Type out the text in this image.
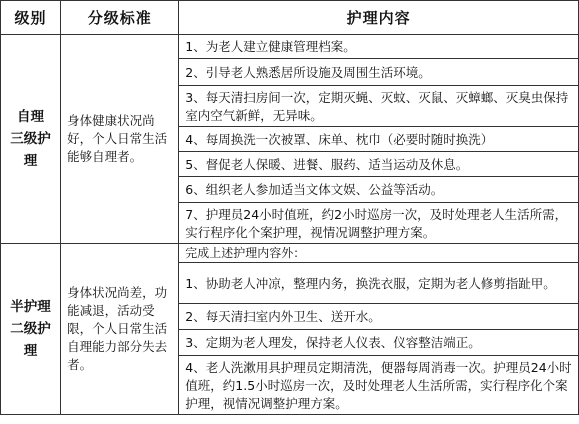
级别	分级标准	护理内容

自理
三级护
理	身体健康状况尚好，个人日常生活能够自理者。	1、为老人建立健康管理档案。
		2、引导老人熟悉居所设施及周围生活环境。
		3、每天清扫房间一次，定期灭蝇、灭蚊、灭鼠、灭蟑螂、灭臭虫保持室内空气新鲜，无异味。
		4、每周换洗一次被罩、床单、枕巾（必要时随时换洗）
		5、督促老人保暖、进餐、服药、适当运动及休息。
		6、组织老人参加适当文体文娱、公益等活动。
		7、护理员24小时值班，约2小时巡房一次，及时处理老人生活所需，实行程序化个案护理，视情况调整护理方案。

半护理
二级护
理	身体状况尚差，功能减退，活动受限，个人日常生活自理能力部分失去者。	完成上述护理内容外：
		1、协助老人冲凉，整理内务，换洗衣服，定期为老人修剪指趾甲。
		2、每天清扫室内外卫生、送开水。
		3、定期为老人理发，保持老人仪表、仪容整洁端正。
		4、老人洗漱用具护理员定期清洗，便器每周消毒一次。护理员24小时值班，约1.5小时巡房一次，及时处理老人生活所需，实行程序化个案护理，视情况调整护理方案。
